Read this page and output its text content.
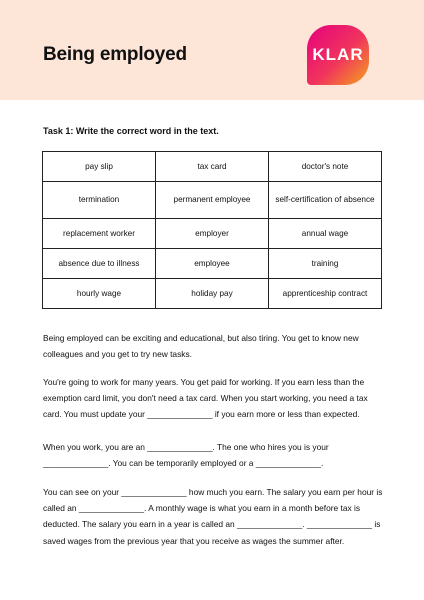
Being employed	KLAR
Task 1: Write the correct word in the text.
pay slip	tax card	doctor's note
termination	permanent employee	self-certification of absence
replacement worker	employer	annual wage
absence due to illness	employee	training
hourly wage	holiday pay	apprenticeship contract

Being employed can be exciting and educational, but also tiring. You get to know new colleagues and you get to try new tasks.

You're going to work for many years. You get paid for working. If you earn less than the exemption card limit, you don't need a tax card. When you start working, you need a tax card. You must update your ______________ if you earn more or less than expected.

When you work, you are an ______________. The one who hires you is your ______________. You can be temporarily employed or a ______________.

You can see on your ______________ how much you earn. The salary you earn per hour is called an ______________. A monthly wage is what you earn in a month before tax is deducted. The salary you earn in a year is called an ______________. ______________ is saved wages from the previous year that you receive as wages the summer after.
